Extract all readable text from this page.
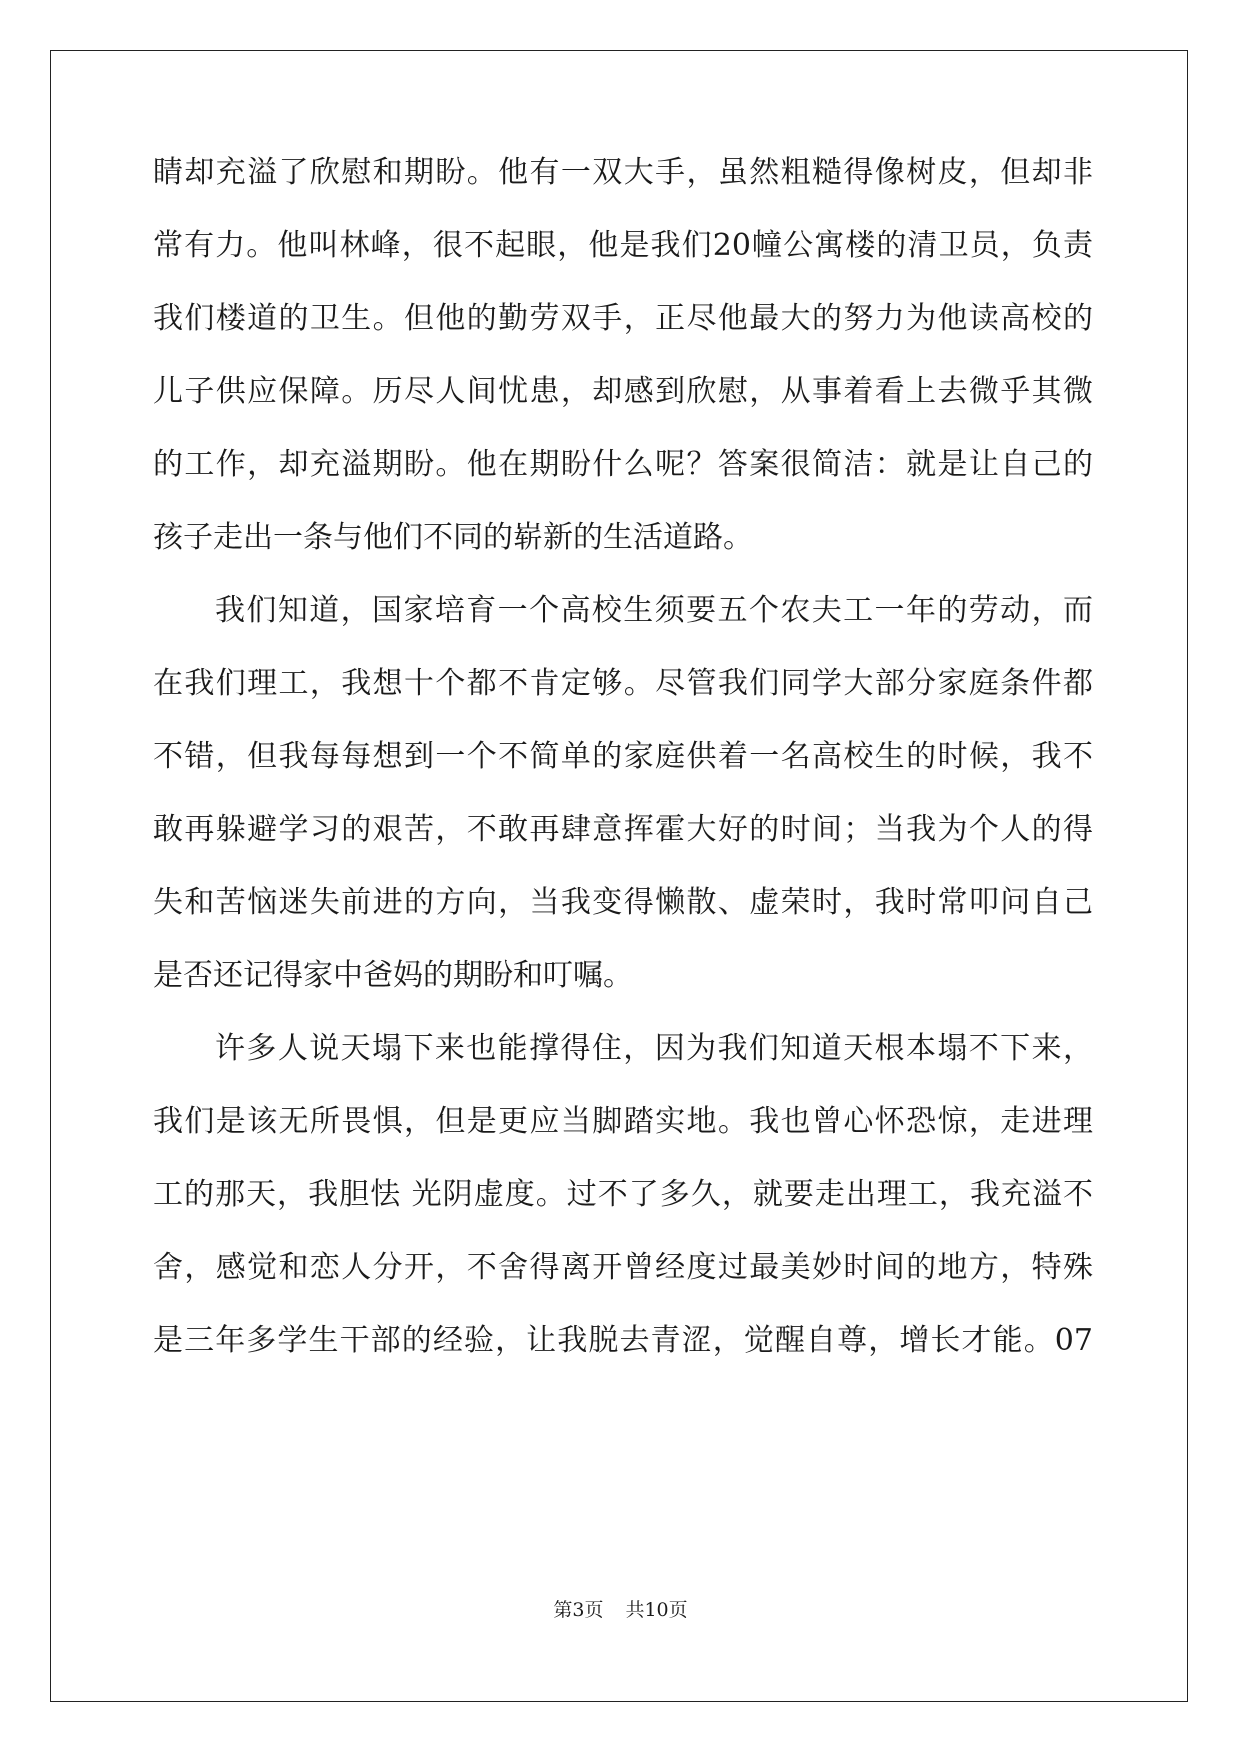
睛却充溢了欣慰和期盼。他有一双大手，虽然粗糙得像树皮，但却非
常有力。他叫林峰，很不起眼，他是我们20幢公寓楼的清卫员，负责
我们楼道的卫生。但他的勤劳双手，正尽他最大的努力为他读高校的
儿子供应保障。历尽人间忧患，却感到欣慰，从事着看上去微乎其微
的工作，却充溢期盼。他在期盼什么呢？答案很简洁：就是让自己的
孩子走出一条与他们不同的崭新的生活道路。
我们知道，国家培育一个高校生须要五个农夫工一年的劳动，而
在我们理工，我想十个都不肯定够。尽管我们同学大部分家庭条件都
不错，但我每每想到一个不简单的家庭供着一名高校生的时候，我不
敢再躲避学习的艰苦，不敢再肆意挥霍大好的时间；当我为个人的得
失和苦恼迷失前进的方向，当我变得懒散、虚荣时，我时常叩问自己
是否还记得家中爸妈的期盼和叮嘱。
许多人说天塌下来也能撑得住，因为我们知道天根本塌不下来，
我们是该无所畏惧，但是更应当脚踏实地。我也曾心怀恐惊，走进理
工的那天，我胆怯 光阴虚度。过不了多久，就要走出理工，我充溢不
舍，感觉和恋人分开，不舍得离开曾经度过最美妙时间的地方，特殊
是三年多学生干部的经验，让我脱去青涩，觉醒自尊，增长才能。07
第3页 共10页
